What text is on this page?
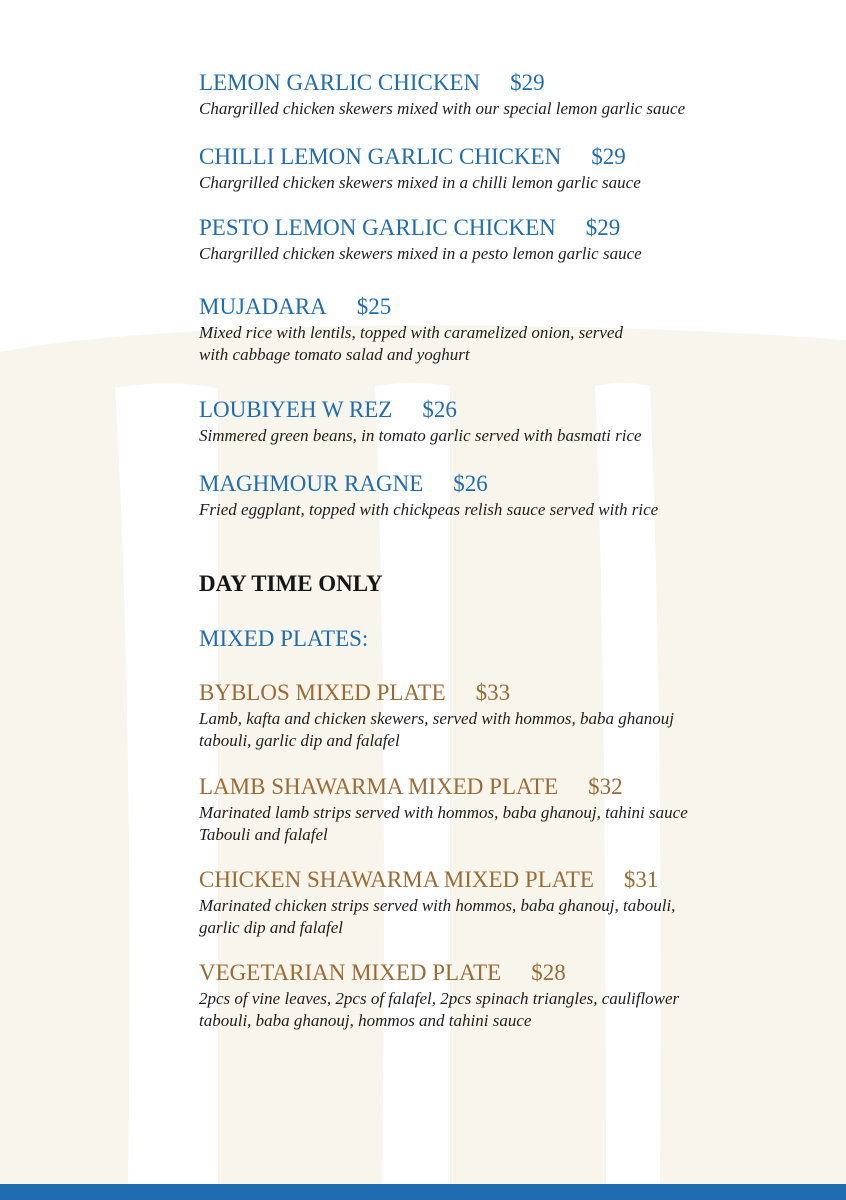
LEMON GARLIC CHICKEN $29
Chargrilled chicken skewers mixed with our special lemon garlic sauce
CHILLI LEMON GARLIC CHICKEN $29
Chargrilled chicken skewers mixed in a chilli lemon garlic sauce
PESTO LEMON GARLIC CHICKEN $29
Chargrilled chicken skewers mixed in a pesto lemon garlic sauce
MUJADARA $25
Mixed rice with lentils, topped with caramelized onion, served
with cabbage tomato salad and yoghurt
LOUBIYEH W REZ $26
Simmered green beans, in tomato garlic served with basmati rice
MAGHMOUR RAGNE $26
Fried eggplant, topped with chickpeas relish sauce served with rice
DAY TIME ONLY
MIXED PLATES:
BYBLOS MIXED PLATE $33
Lamb, kafta and chicken skewers, served with hommos, baba ghanouj
tabouli, garlic dip and falafel
LAMB SHAWARMA MIXED PLATE $32
Marinated lamb strips served with hommos, baba ghanouj, tahini sauce
Tabouli and falafel
CHICKEN SHAWARMA MIXED PLATE $31
Marinated chicken strips served with hommos, baba ghanouj, tabouli,
garlic dip and falafel
VEGETARIAN MIXED PLATE $28
2pcs of vine leaves, 2pcs of falafel, 2pcs spinach triangles, cauliflower
tabouli, baba ghanouj, hommos and tahini sauce
